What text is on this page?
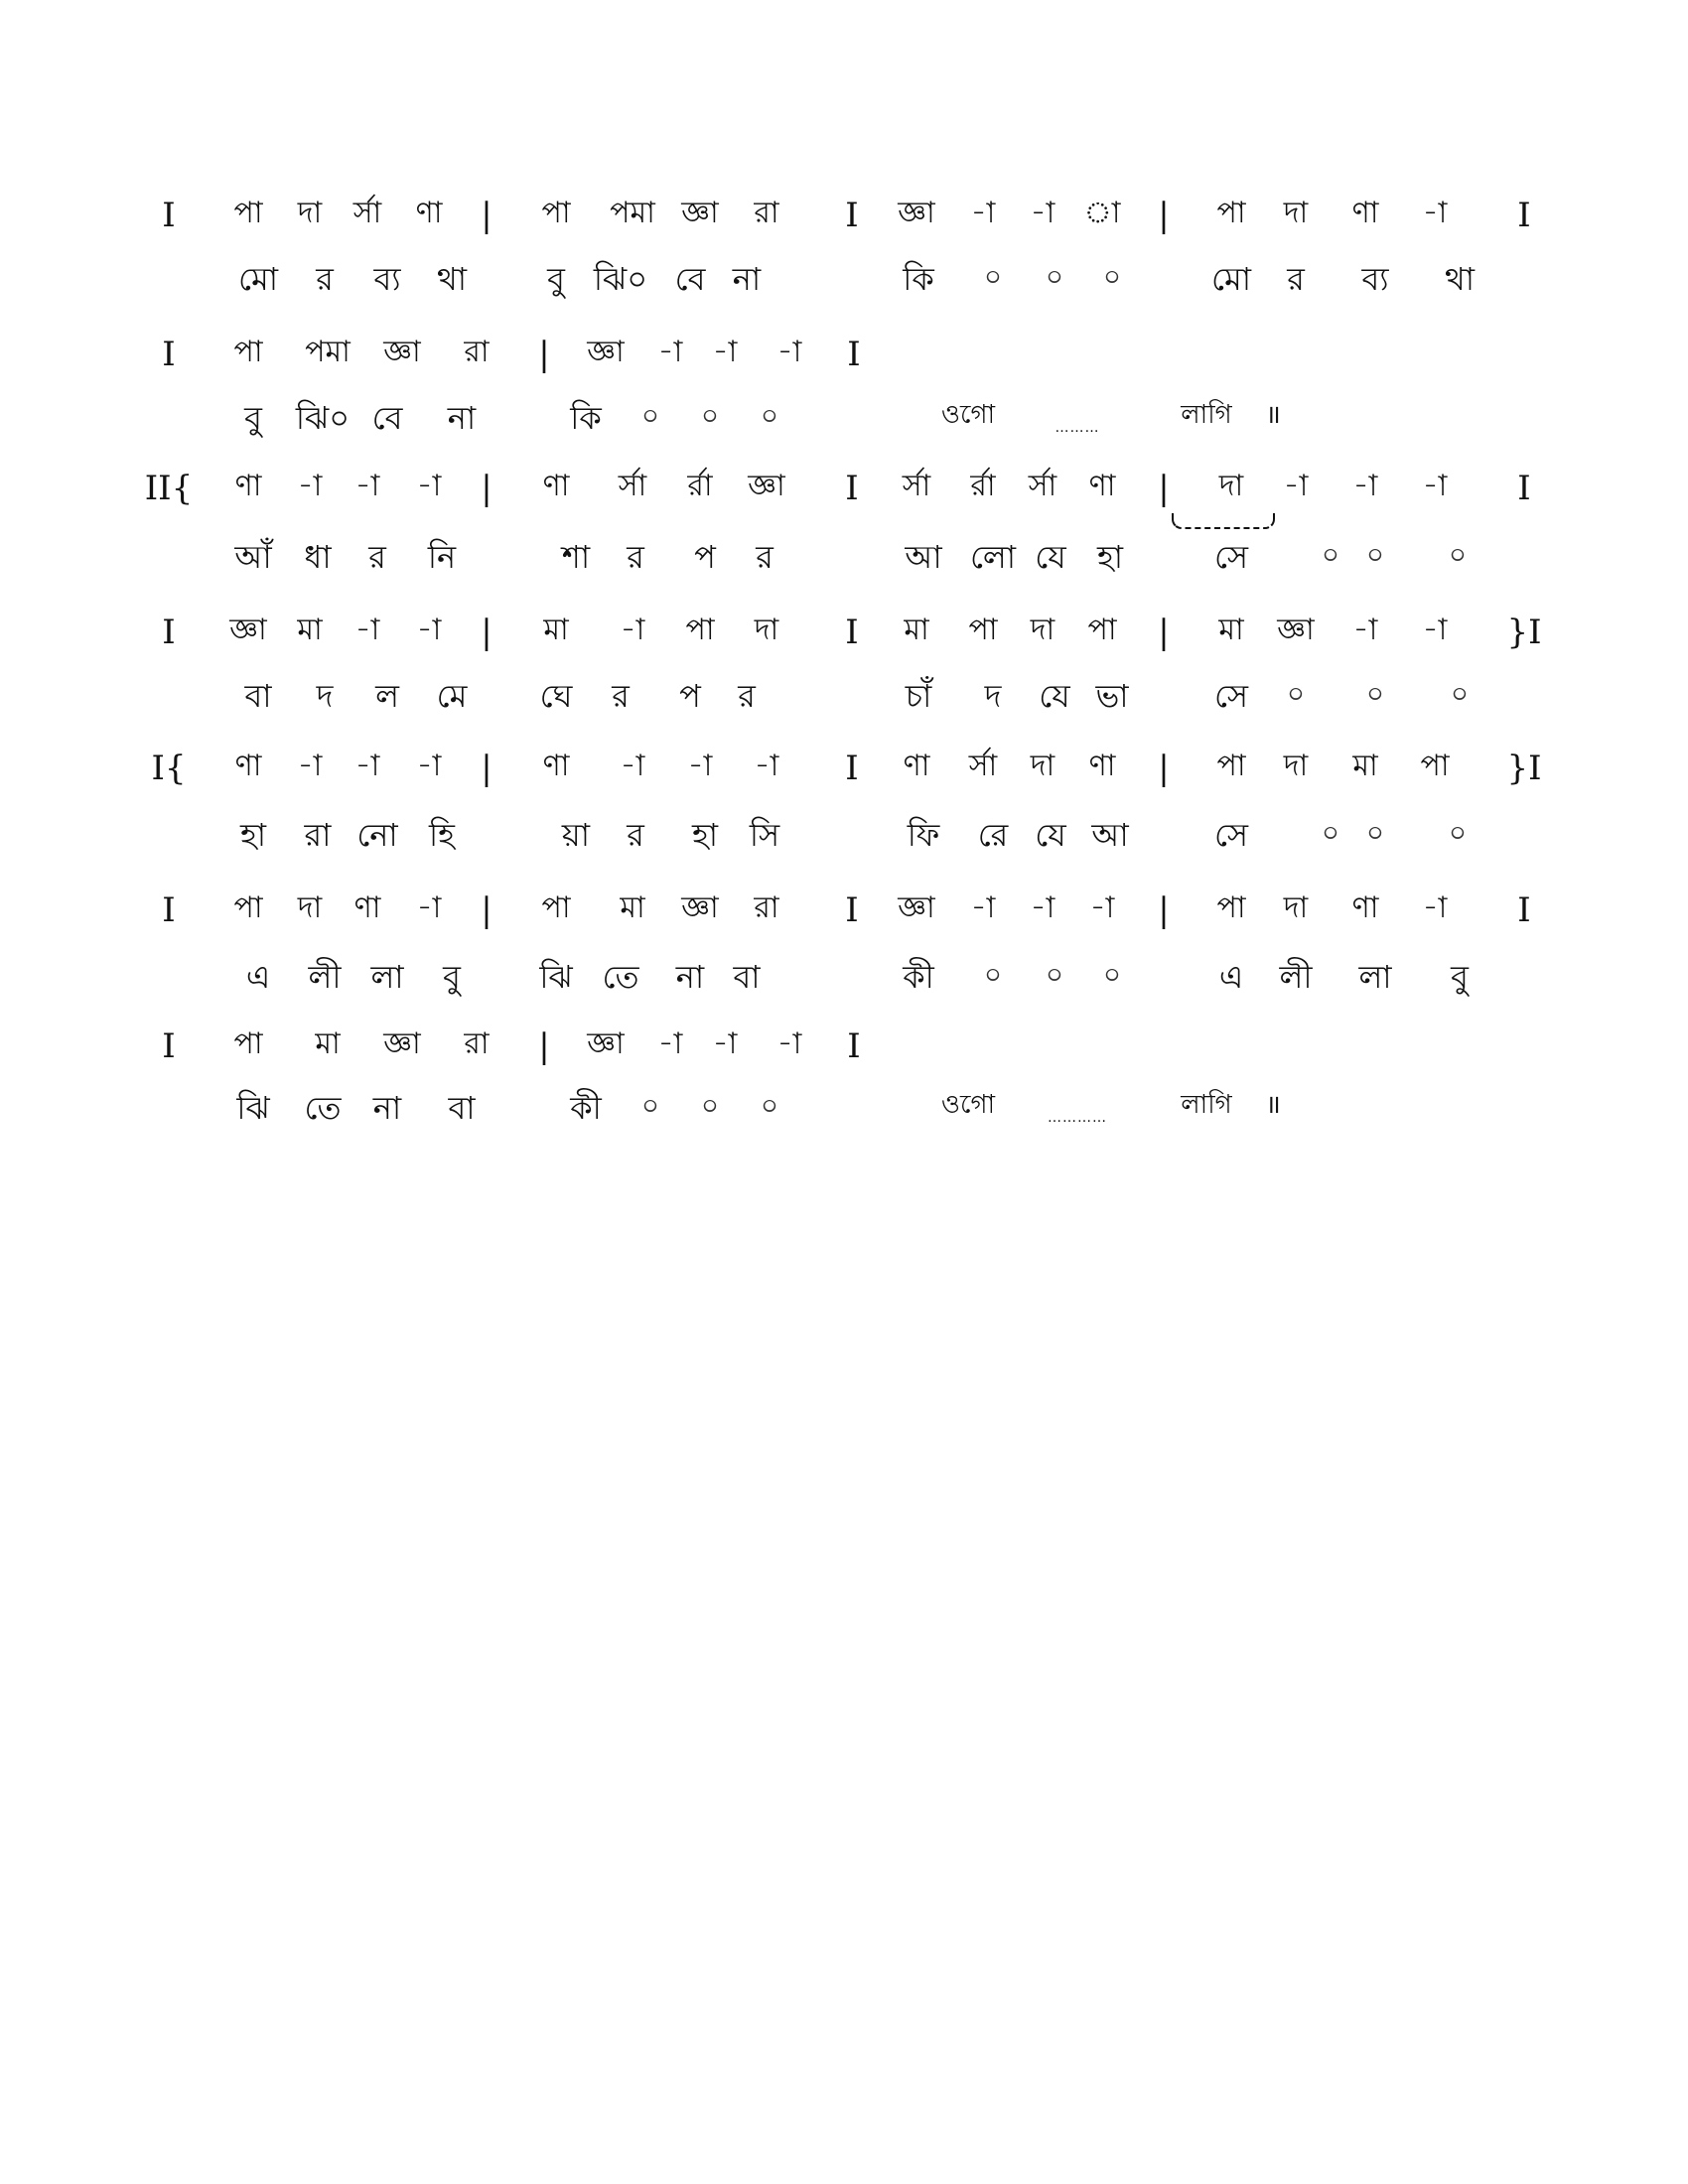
I পা দা র্সা ণা | পা পমা জ্ঞা রা I জ্ঞা -া -া া | পা দা ণা -া I
মো র ব্য থা	বু ঝি০ বে না	কি ০ ০ ০	মো র ব্য থা
I পা পমা জ্ঞা রা | জ্ঞা -া -া -া I
বু ঝি০ বে না	কি ০ ০ ০	ওগো	………	লাগি ॥
II{ ণা -া -া -া | ণা র্সা র্রা জ্ঞা I র্সা র্রা র্সা ণা | দা -া -া -া I
আঁ ধা র নি	শা র প র	আ লো যে হা	সে	০ ০ ০
I জ্ঞা মা -া -া | মা -া পা দা I মা পা দা পা | মা জ্ঞা -া -া }I
বা দ ল মে ঘে র প র	চাঁ দ যে ভা	সে ০ ০ ০
I{ ণা -া -া -া | ণা -া -া -া I ণা র্সা দা ণা | পা দা মা পা }I
হা রা নো হি	য়া র হা সি	ফি রে যে আ	সে	০ ০ ০
I পা দা ণা -া | পা মা জ্ঞা রা I জ্ঞা -া -া -া | পা দা ণা -া I
এ লী লা বু ঝি তে না বা	কী ০ ০ ০	এ লী লা বু
I পা মা জ্ঞা রা | জ্ঞা -া -া -া I
ঝি তে না বা	কী ০ ০ ০	ওগো	…………	লাগি ॥
